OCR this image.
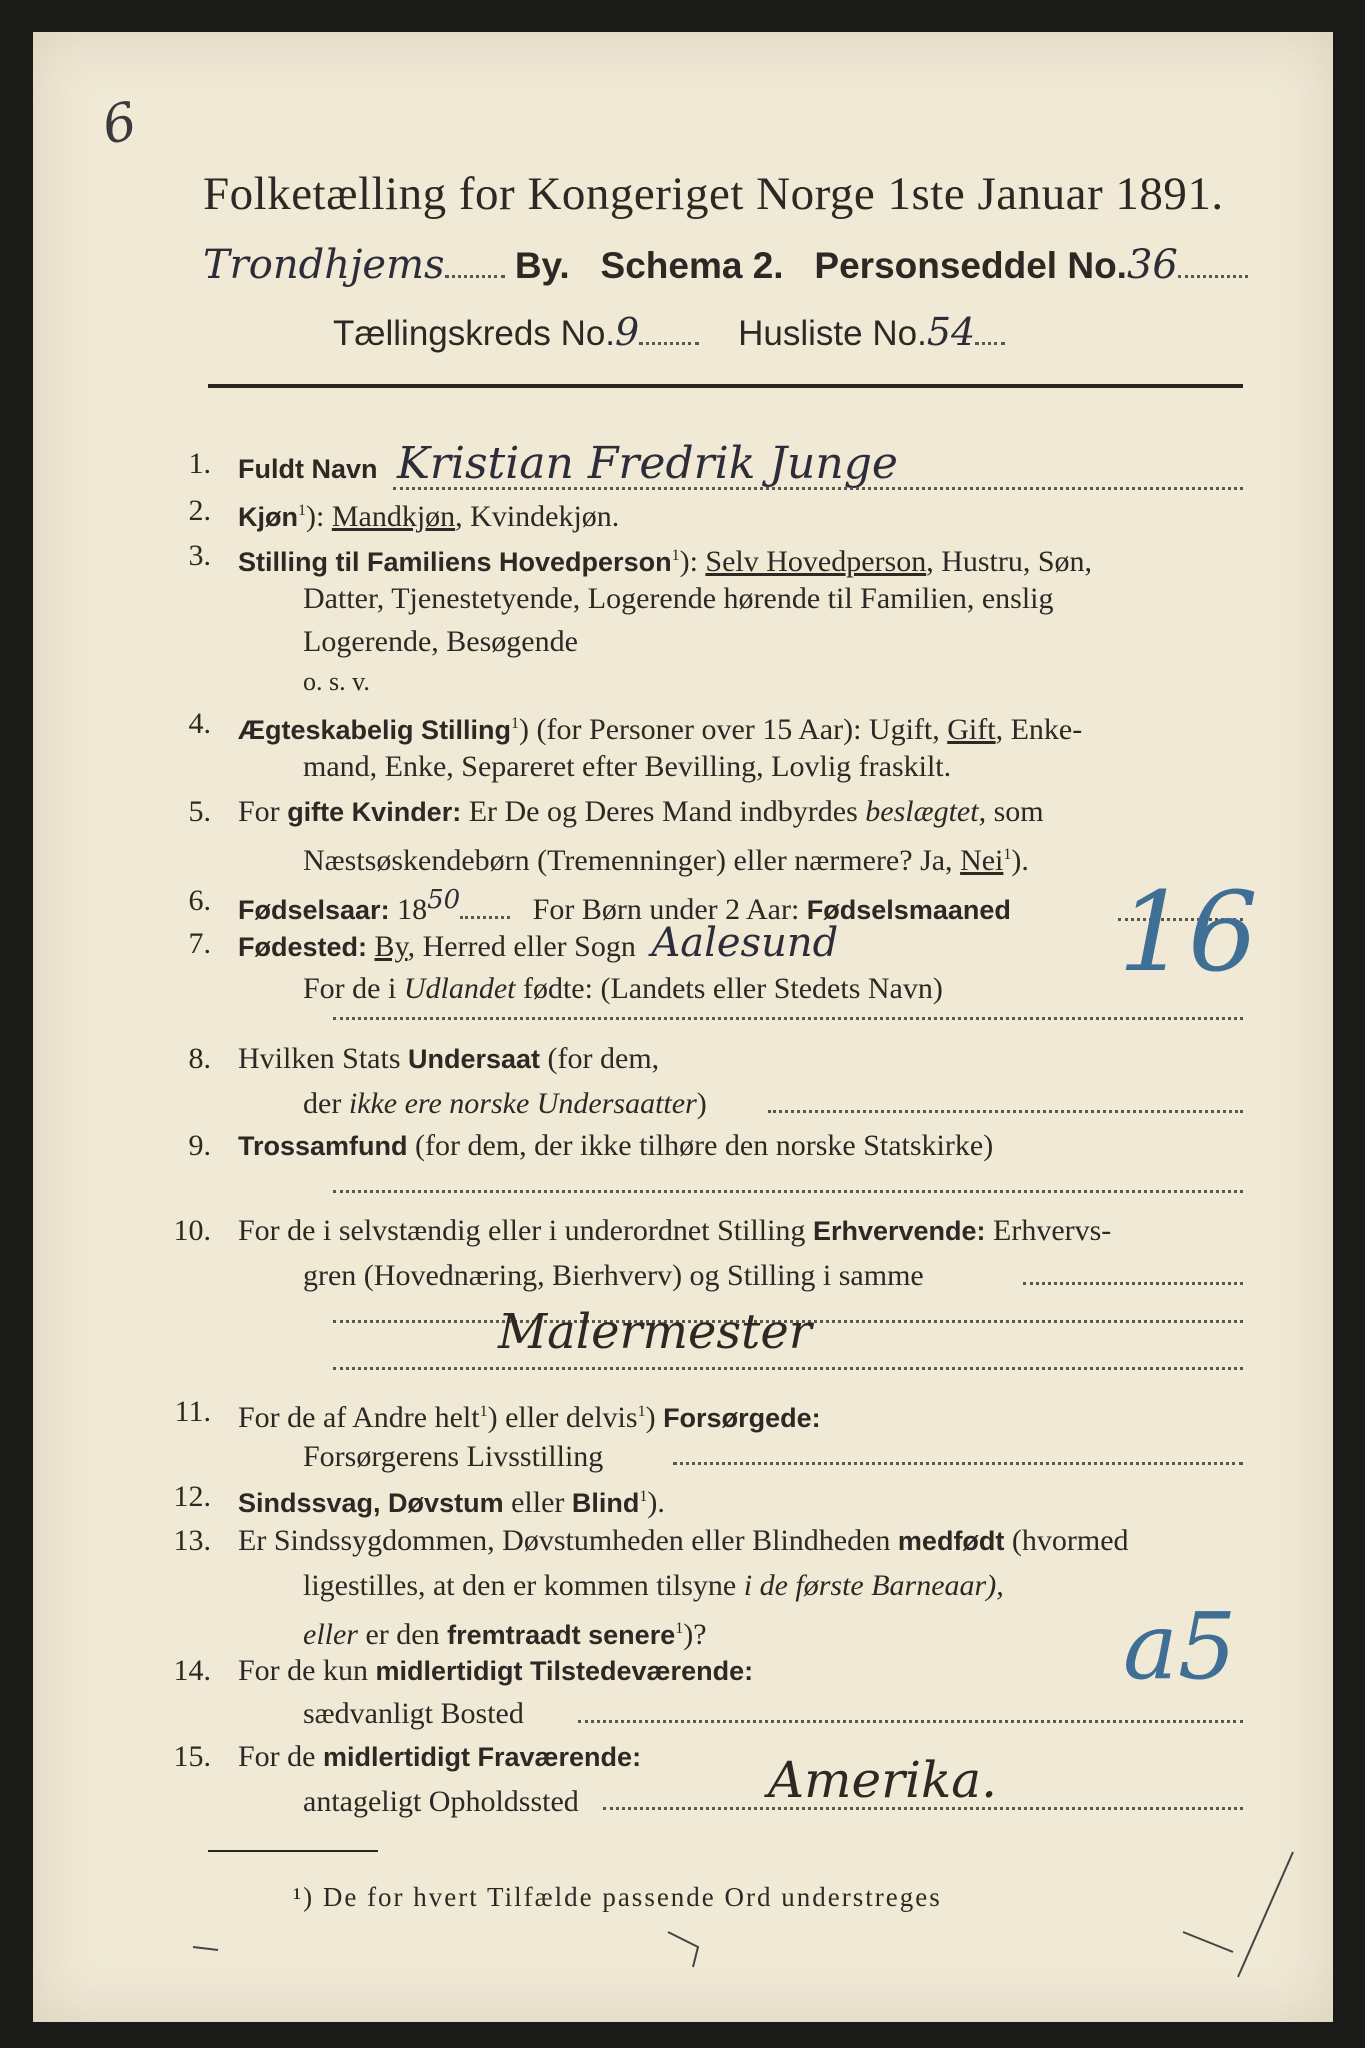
6
Folketælling for Kongeriget Norge 1ste Januar 1891.
Trondhjems By. Schema 2. Personseddel No.36
Tællingskreds No.9	Husliste No.54
1. Fuldt Navn Kristian Fredrik Junge
2. Kjøn$^1$): Mandkjøn, Kvindekjøn.
3. Stilling til Familiens Hovedperson$^1$): Selv Hovedperson, Hustru, Søn,
Datter, Tjenestetyende, Logerende hørende til Familien, enslig
Logerende, Besøgende
o. s. v.
4. Ægteskabelig Stilling$^1$) (for Personer over 15 Aar): Ugift, Gift, Enke-
mand, Enke, Separeret efter Bevilling, Lovlig fraskilt.
5. For gifte Kvinder: Er De og Deres Mand indbyrdes beslægtet, som
Næstsøskendebørn (Tremenninger) eller nærmere? Ja, Nei$^1$).
6. Fødselsaar: 1850 For Børn under 2 Aar: Fødselsmaaned
7. Fødested: By, Herred eller Sogn Aalesund
For de i Udlandet fødte: (Landets eller Stedets Navn)
8. Hvilken Stats Undersaat (for dem,
der ikke ere norske Undersaatter)
9. Trossamfund (for dem, der ikke tilhøre den norske Statskirke)
10. For de i selvstændig eller i underordnet Stilling Erhvervende: Erhvervs-
gren (Hovednæring, Bierhverv) og Stilling i samme
Malermester
11. For de af Andre helt$^1$) eller delvis$^1$) Forsørgede:
Forsørgerens Livsstilling
12. Sindssvag, Døvstum eller Blind$^1$).
13. Er Sindssygdommen, Døvstumheden eller Blindheden medfødt (hvormed
ligestilles, at den er kommen tilsyne i de første Barneaar),
eller er den fremtraadt senere$^1$)?
14. For de kun midlertidigt Tilstedeværende:
sædvanligt Bosted
15. For de midlertidigt Fraværende:
antageligt Opholdssted	Amerika.
16
a5
¹) De for hvert Tilfælde passende Ord understreges
